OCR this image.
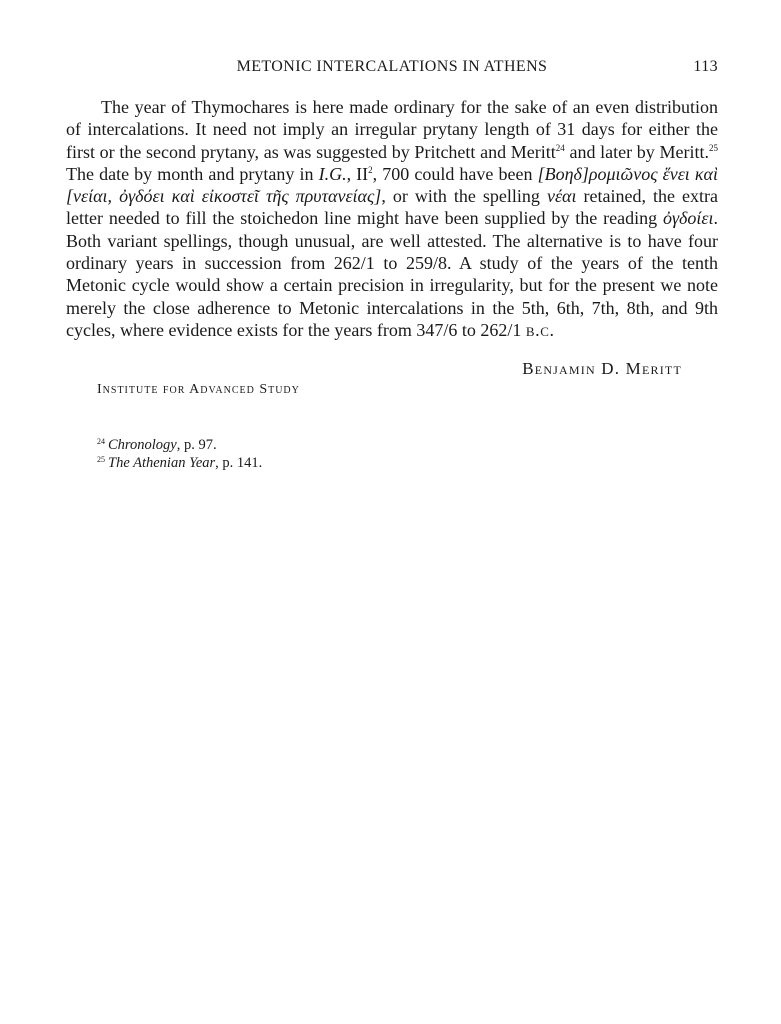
METONIC INTERCALATIONS IN ATHENS	113

The year of Thymochares is here made ordinary for the sake of an even distribution of intercalations. It need not imply an irregular prytany length of 31 days for either the first or the second prytany, as was suggested by Pritchett and Meritt$^{24}$ and later by Meritt.$^{25}$ The date by month and prytany in I.G., $II^2$, 700 could have been [Βοηδ]ρομιῶνος ἕνει καὶ [νείαι, ὀγδόει καὶ εἰκοστεῖ τῆς πρυτανείας], or with the spelling νέαι retained, the extra letter needed to fill the stoichedon line might have been supplied by the reading ὀγδοίει. Both variant spellings, though unusual, are well attested. The alternative is to have four ordinary years in succession from 262/1 to 259/8. A study of the years of the tenth Metonic cycle would show a certain precision in irregularity, but for the present we note merely the close adherence to Metonic intercalations in the 5th, 6th, 7th, 8th, and 9th cycles, where evidence exists for the years from 347/6 to 262/1 b.c.

Benjamin D. Meritt
Institute for Advanced Study
$^{24}$ Chronology, p. 97.
$^{25}$ The Athenian Year, p. 141.
